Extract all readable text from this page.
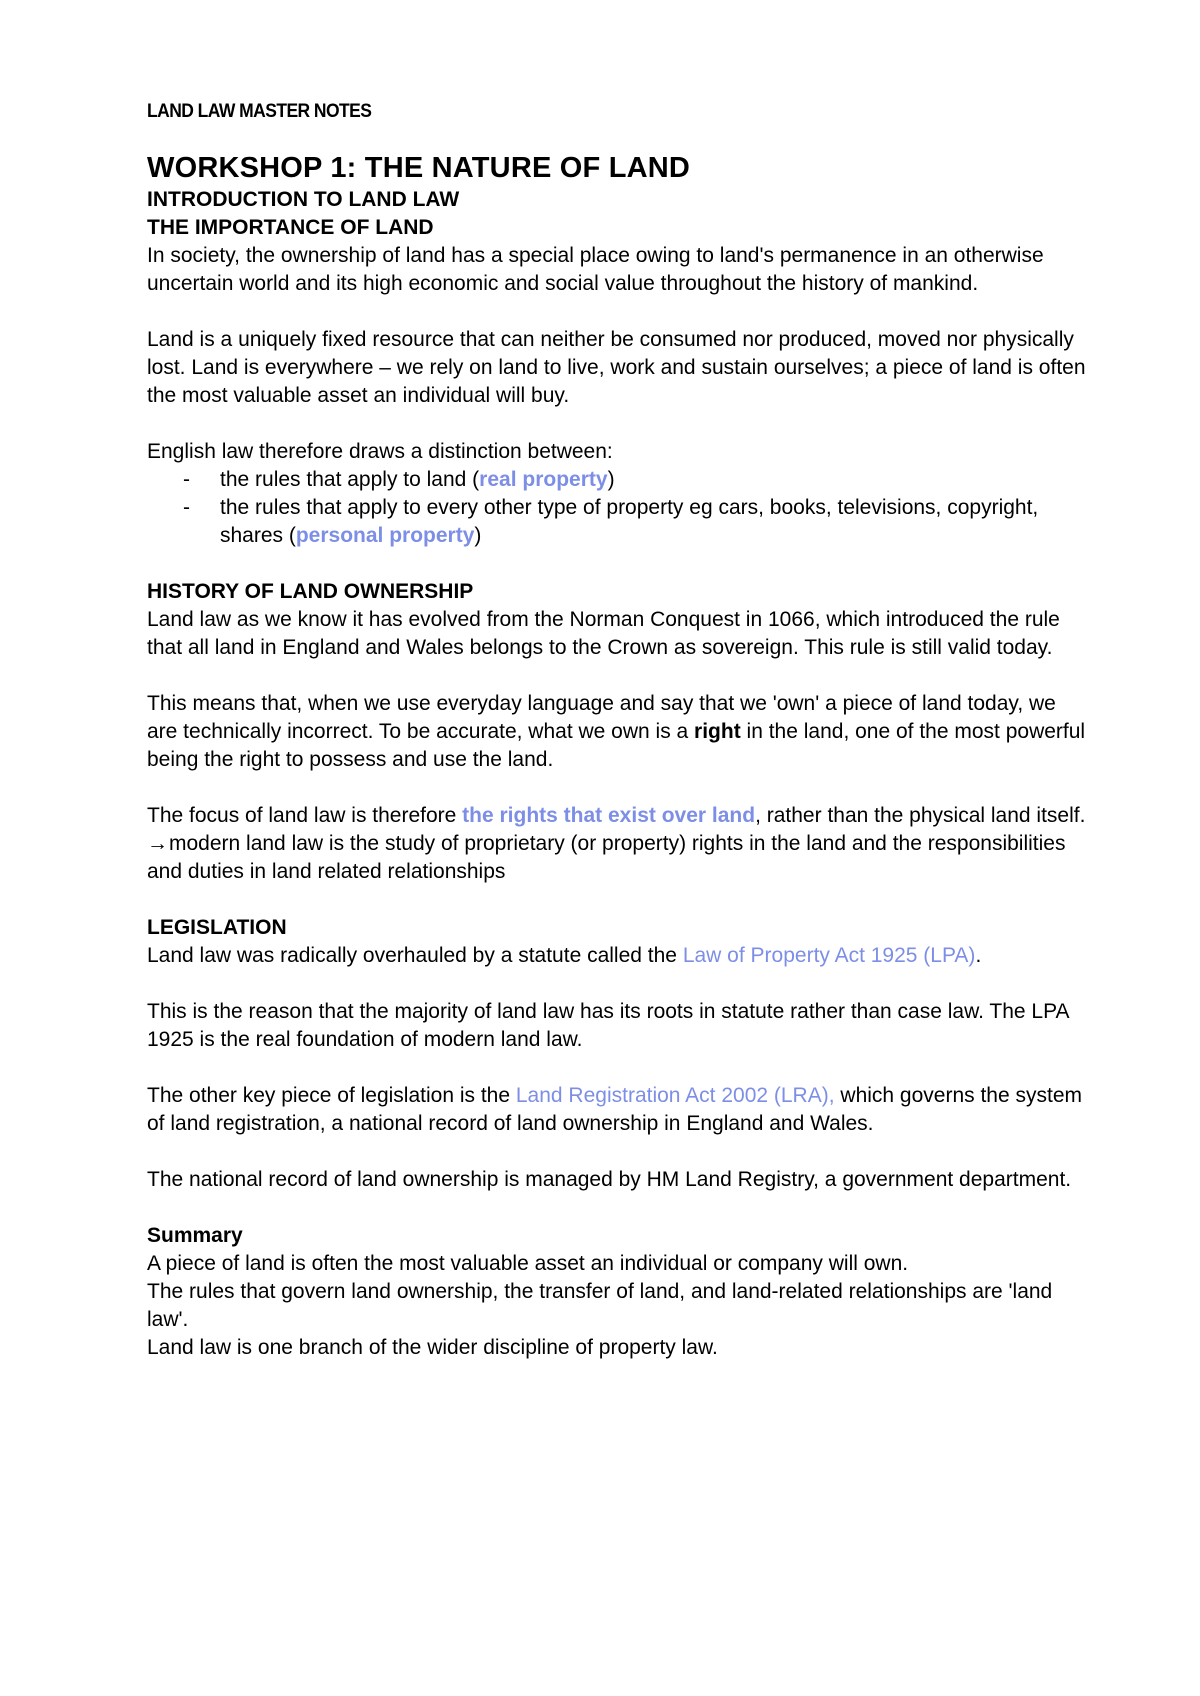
LAND LAW MASTER NOTES
WORKSHOP 1: THE NATURE OF LAND
INTRODUCTION TO LAND LAW
THE IMPORTANCE OF LAND

In society, the ownership of land has a special place owing to land's permanence in an otherwise uncertain world and its high economic and social value throughout the history of mankind.

Land is a uniquely fixed resource that can neither be consumed nor produced, moved nor physically lost. Land is everywhere – we rely on land to live, work and sustain ourselves; a piece of land is often the most valuable asset an individual will buy.

English law therefore draws a distinction between:

- the rules that apply to land (real property)
- the rules that apply to every other type of property eg cars, books, televisions, copyright, shares (personal property)
HISTORY OF LAND OWNERSHIP

Land law as we know it has evolved from the Norman Conquest in 1066, which introduced the rule that all land in England and Wales belongs to the Crown as sovereign. This rule is still valid today.

This means that, when we use everyday language and say that we 'own' a piece of land today, we are technically incorrect. To be accurate, what we own is a right in the land, one of the most powerful being the right to possess and use the land.

The focus of land law is therefore the rights that exist over land, rather than the physical land itself.

→modern land law is the study of proprietary (or property) rights in the land and the responsibilities and duties in land related relationships

LEGISLATION

Land law was radically overhauled by a statute called the Law of Property Act 1925 (LPA).

This is the reason that the majority of land law has its roots in statute rather than case law. The LPA 1925 is the real foundation of modern land law.

The other key piece of legislation is the Land Registration Act 2002 (LRA), which governs the system of land registration, a national record of land ownership in England and Wales.

The national record of land ownership is managed by HM Land Registry, a government department.

Summary

A piece of land is often the most valuable asset an individual or company will own.

The rules that govern land ownership, the transfer of land, and land-related relationships are 'land law'.

Land law is one branch of the wider discipline of property law.
